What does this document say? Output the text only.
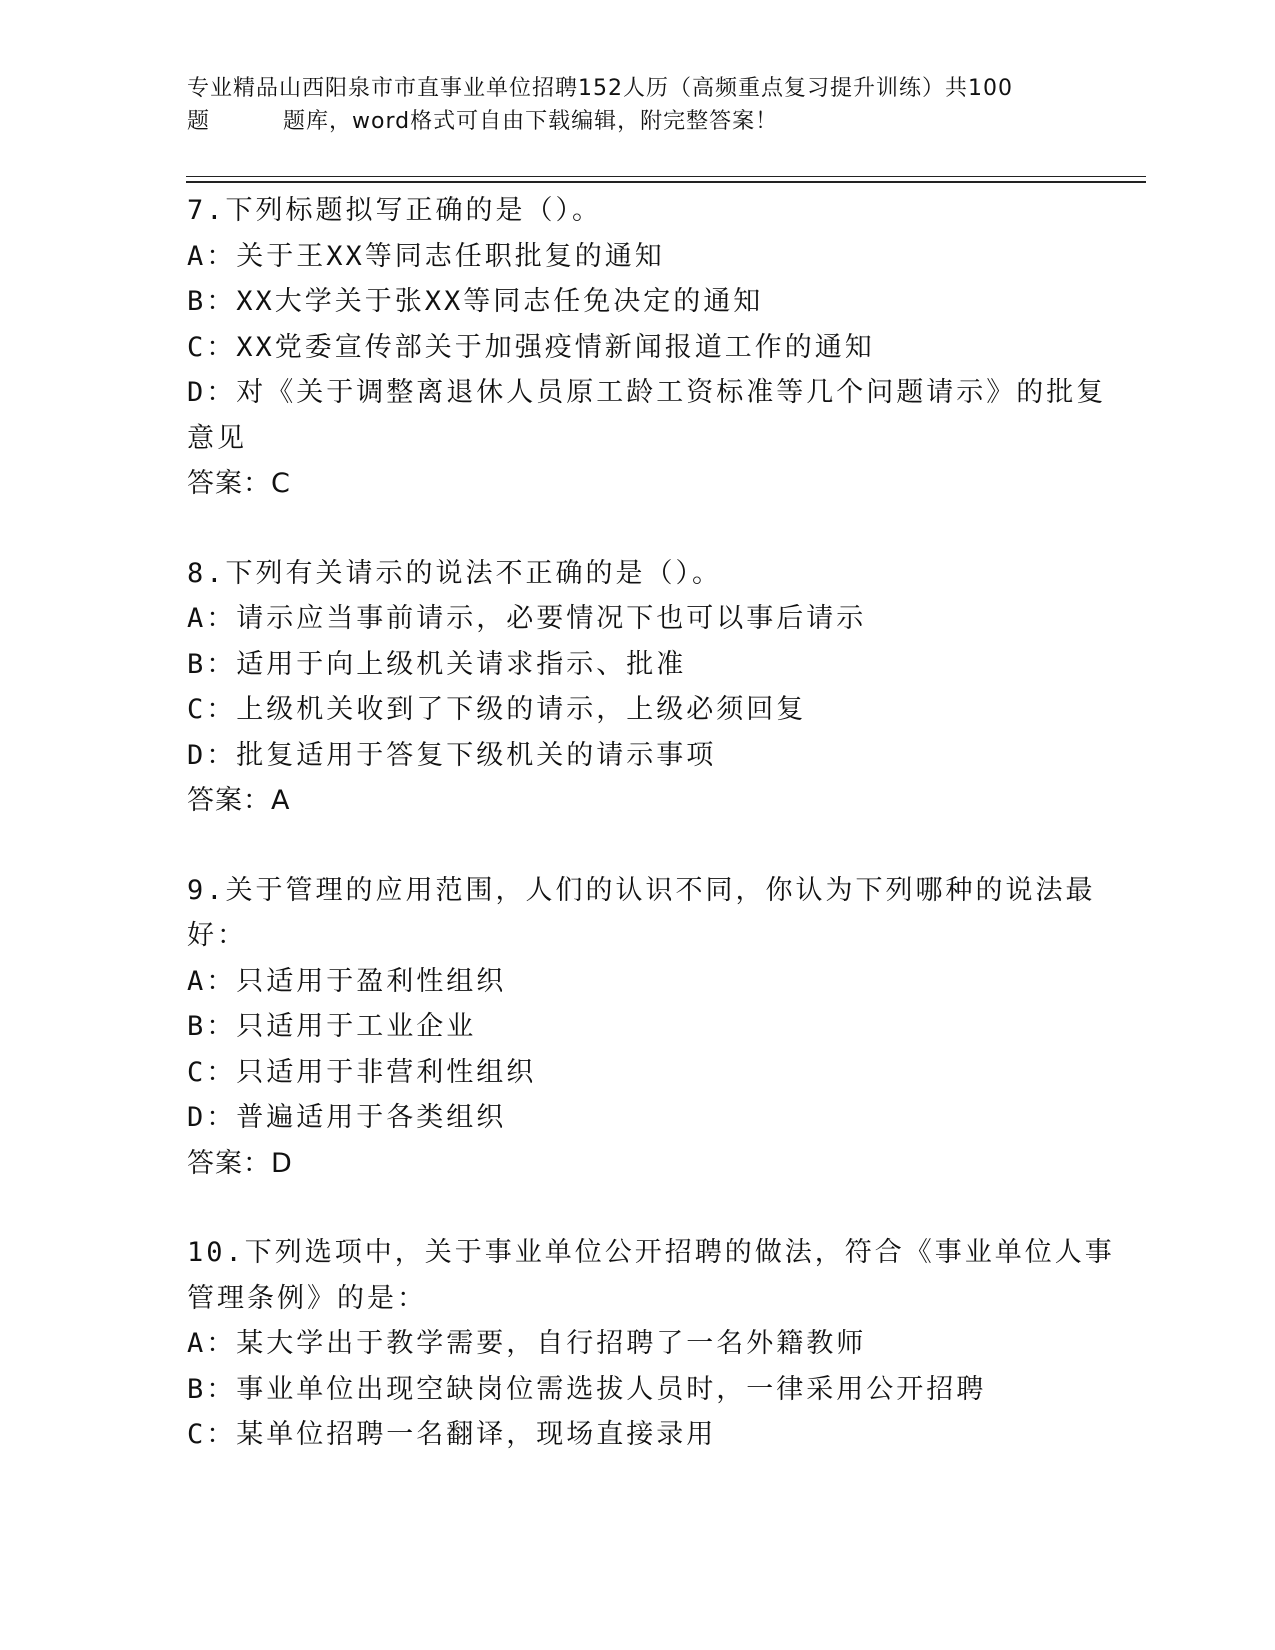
专业精品山西阳泉市市直事业单位招聘152人历（高频重点复习提升训练）共100
题	题库，word格式可自由下载编辑，附完整答案！
7.下列标题拟写正确的是（）。
A：关于王XX等同志任职批复的通知
B：XX大学关于张XX等同志任免决定的通知
C：XX党委宣传部关于加强疫情新闻报道工作的通知
D：对《关于调整离退休人员原工龄工资标准等几个问题请示》的批复
意见
答案：C
8.下列有关请示的说法不正确的是（）。
A：请示应当事前请示，必要情况下也可以事后请示
B：适用于向上级机关请求指示、批准
C：上级机关收到了下级的请示，上级必须回复
D：批复适用于答复下级机关的请示事项
答案：A
9.关于管理的应用范围，人们的认识不同，你认为下列哪种的说法最
好：
A：只适用于盈利性组织
B：只适用于工业企业
C：只适用于非营利性组织
D：普遍适用于各类组织
答案：D
10.下列选项中，关于事业单位公开招聘的做法，符合《事业单位人事
管理条例》的是：
A：某大学出于教学需要，自行招聘了一名外籍教师
B：事业单位出现空缺岗位需选拔人员时，一律采用公开招聘
C：某单位招聘一名翻译，现场直接录用
